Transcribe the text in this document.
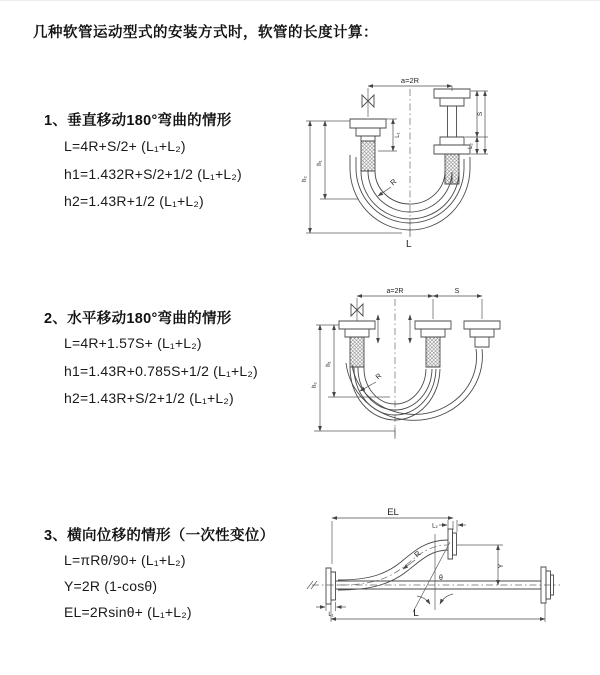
几种软管运动型式的安装方式时，软管的长度计算：
1、垂直移动180°弯曲的情形
L=4R+S/2+ (L₁+L₂)
h1=1.432R+S/2+1/2 (L₁+L₂)
h2=1.43R+1/2 (L₁+L₂)
2、水平移动180°弯曲的情形
L=4R+1.57S+ (L₁+L₂)
h1=1.43R+0.785S+1/2 (L₁+L₂)
h2=1.43R+S/2+1/2 (L₁+L₂)
3、横向位移的情形（一次性变位）
L=πRθ/90+ (L₁+L₂)
Y=2R (1-cosθ)
EL=2Rsinθ+ (L₁+L₂)
a=2R
L₁
S
L₂
h₁
h₂	R
L
a=2R	S
h₁
h₂
R
EL
L₂
θ
R
Y
L₁	L
